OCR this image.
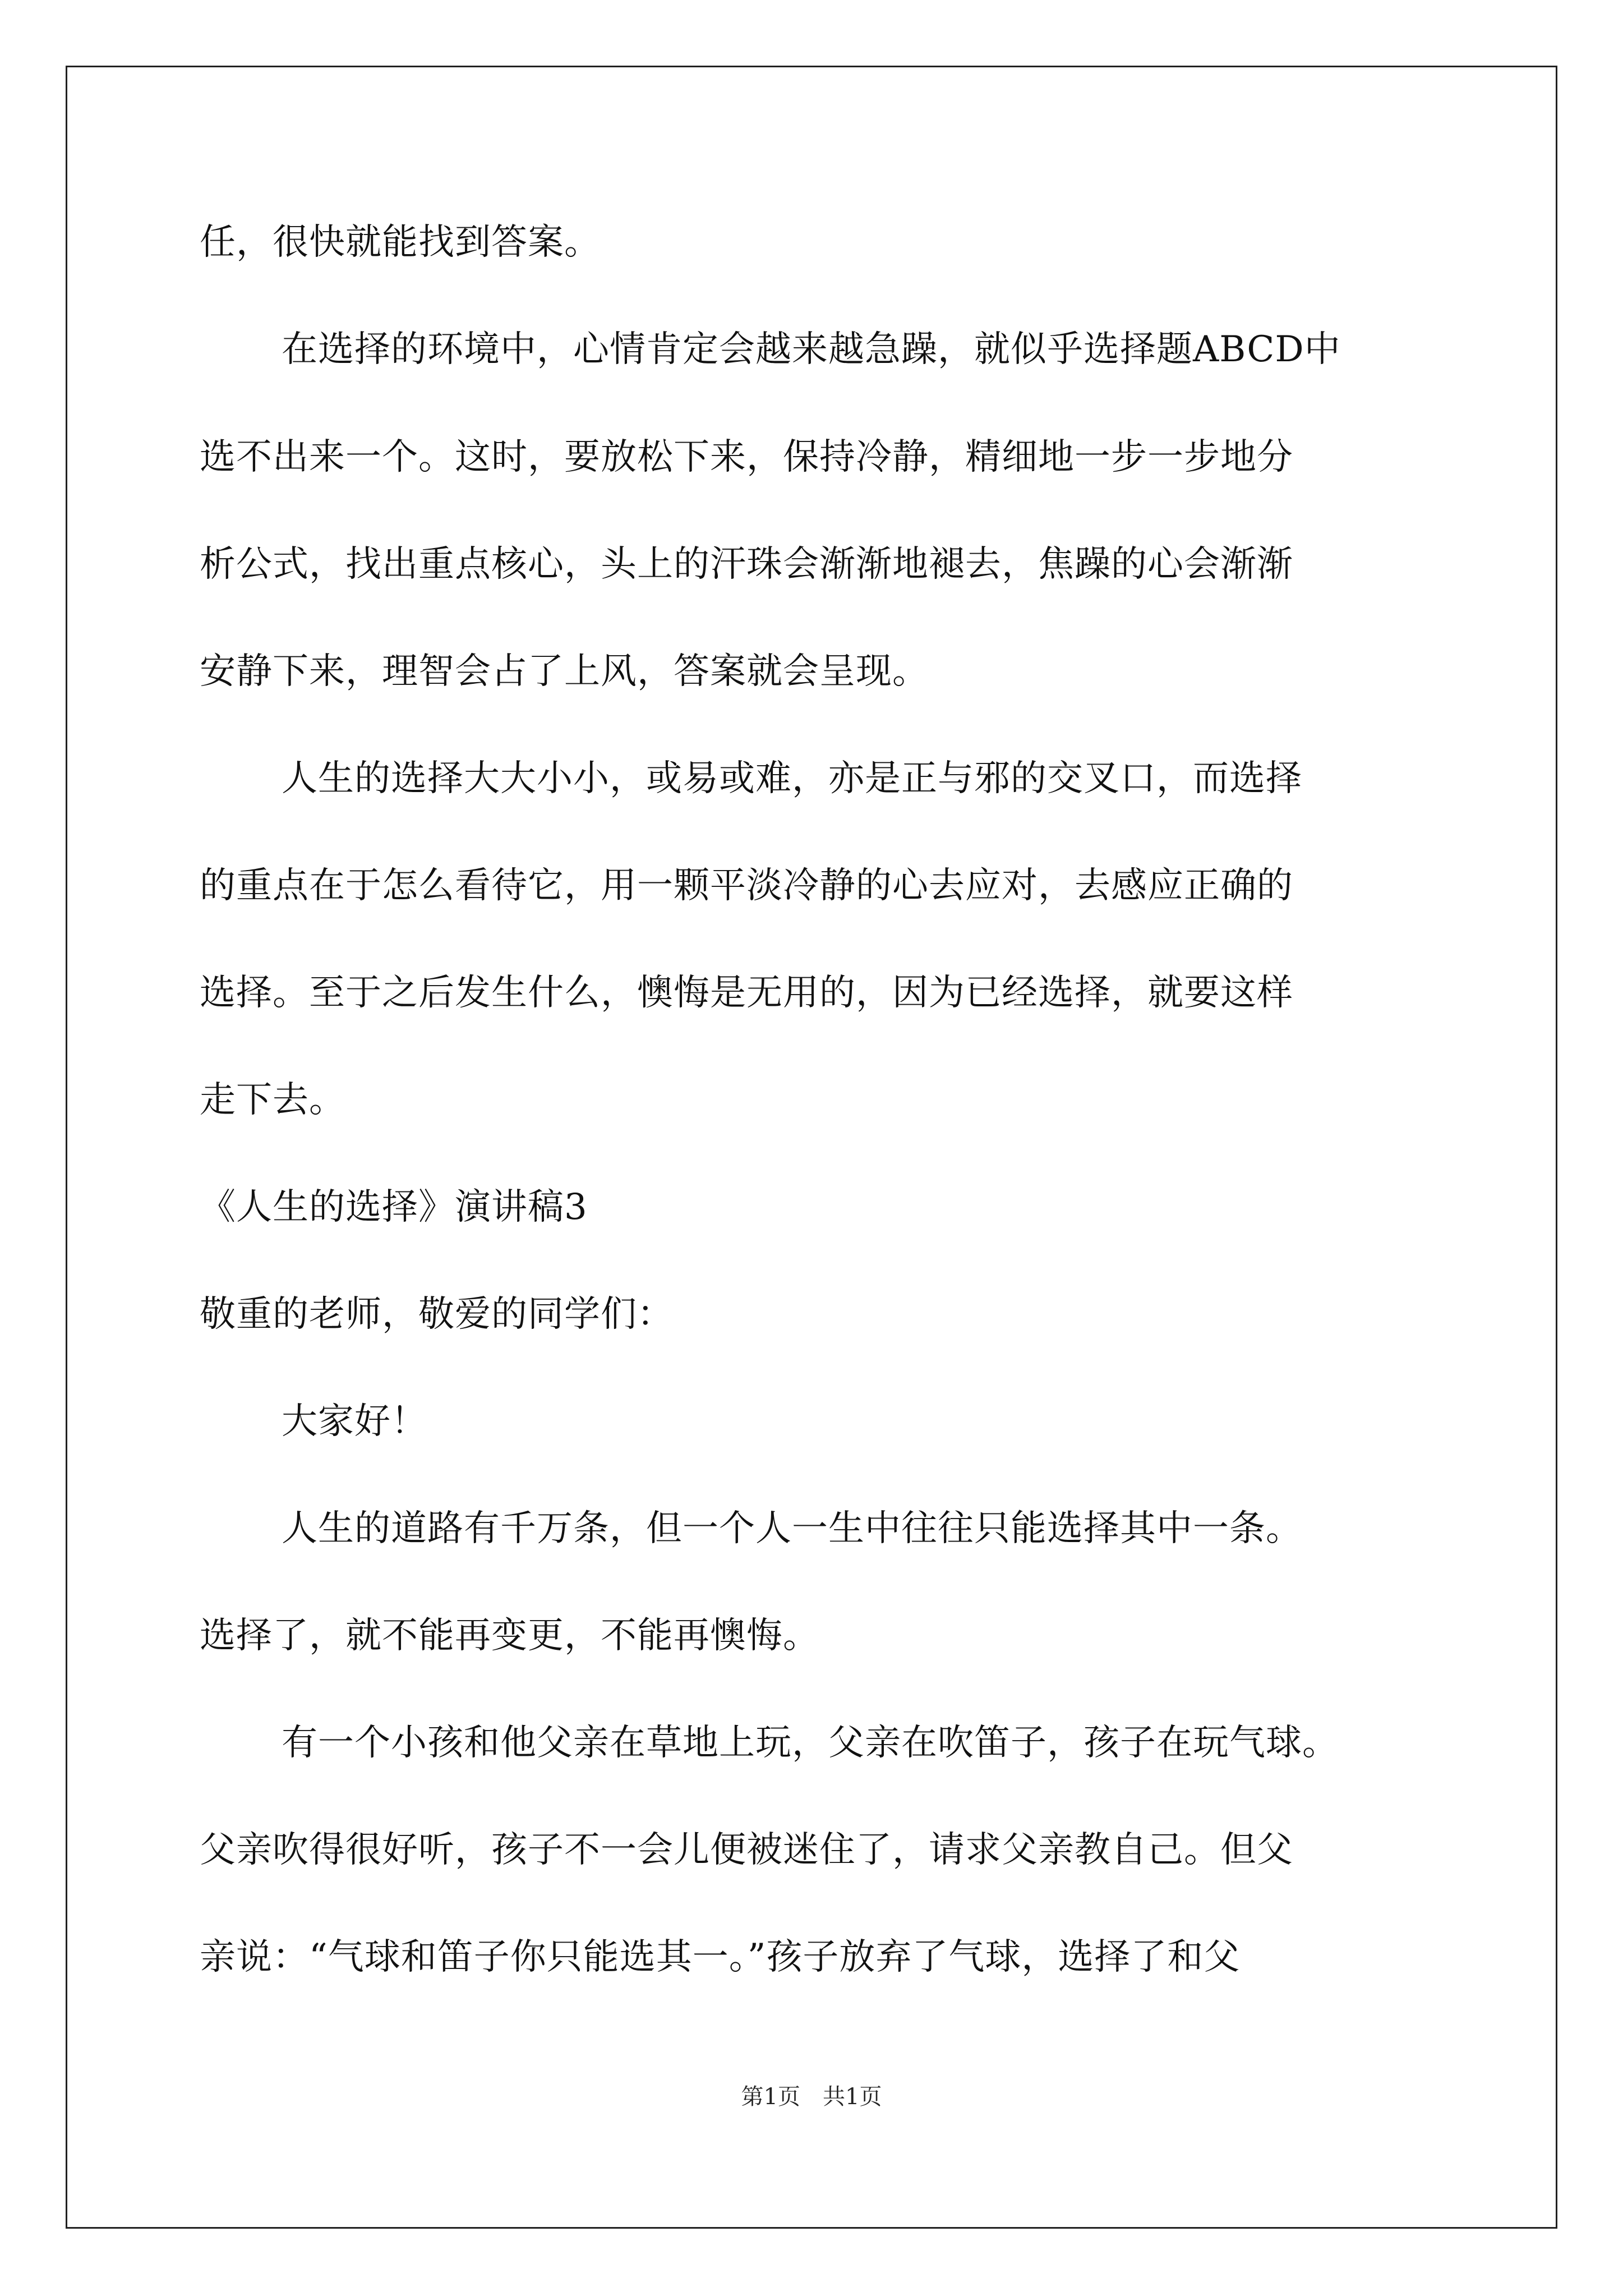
任，很快就能找到答案。
在选择的环境中，心情肯定会越来越急躁，就似乎选择题ABCD中
选不出来一个。这时，要放松下来，保持冷静，精细地一步一步地分
析公式，找出重点核心，头上的汗珠会渐渐地褪去，焦躁的心会渐渐
安静下来，理智会占了上风，答案就会呈现。
人生的选择大大小小，或易或难，亦是正与邪的交叉口，而选择
的重点在于怎么看待它，用一颗平淡冷静的心去应对，去感应正确的
选择。至于之后发生什么，懊悔是无用的，因为已经选择，就要这样
走下去。
《人生的选择》演讲稿3
敬重的老师，敬爱的同学们：
大家好！
人生的道路有千万条，但一个人一生中往往只能选择其中一条。
选择了，就不能再变更，不能再懊悔。
有一个小孩和他父亲在草地上玩，父亲在吹笛子，孩子在玩气球。
父亲吹得很好听，孩子不一会儿便被迷住了，请求父亲教自己。但父
亲说：“气球和笛子你只能选其一。”孩子放弃了气球，选择了和父
第1页　共1页
